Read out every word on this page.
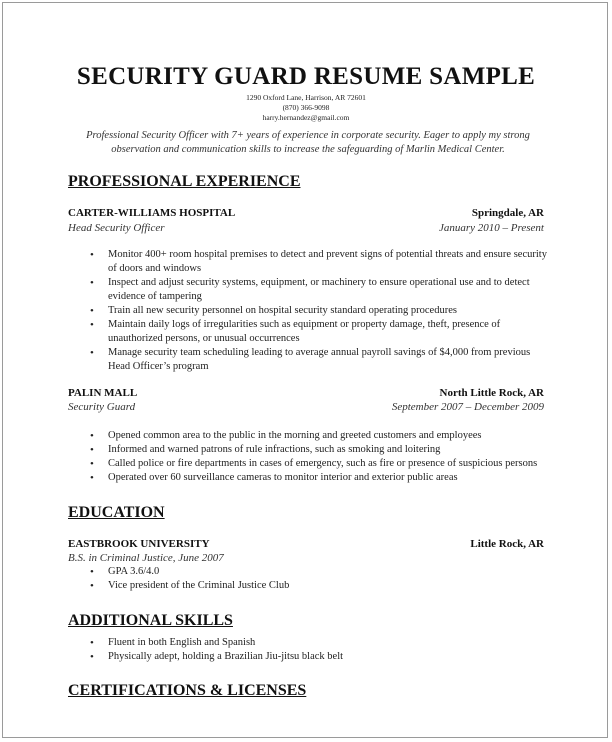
SECURITY GUARD RESUME SAMPLE
1290 Oxford Lane, Harrison, AR 72601
(870) 366-9098
harry.hernandez@gmail.com
Professional Security Officer with 7+ years of experience in corporate security. Eager to apply my strong observation and communication skills to increase the safeguarding of Marlin Medical Center.
PROFESSIONAL EXPERIENCE
CARTER-WILLIAMS HOSPITAL	Springdale, AR
Head Security Officer	January 2010 – Present
• Monitor 400+ room hospital premises to detect and prevent signs of potential threats and ensure security of doors and windows
• Inspect and adjust security systems, equipment, or machinery to ensure operational use and to detect evidence of tampering
• Train all new security personnel on hospital security standard operating procedures
• Maintain daily logs of irregularities such as equipment or property damage, theft, presence of unauthorized persons, or unusual occurrences
• Manage security team scheduling leading to average annual payroll savings of $4,000 from previous Head Officer’s program
PALIN MALL	North Little Rock, AR
Security Guard	September 2007 – December 2009
• Opened common area to the public in the morning and greeted customers and employees
• Informed and warned patrons of rule infractions, such as smoking and loitering
• Called police or fire departments in cases of emergency, such as fire or presence of suspicious persons
• Operated over 60 surveillance cameras to monitor interior and exterior public areas
EDUCATION
EASTBROOK UNIVERSITY	Little Rock, AR
B.S. in Criminal Justice, June 2007
• GPA 3.6/4.0
• Vice president of the Criminal Justice Club
ADDITIONAL SKILLS
• Fluent in both English and Spanish
• Physically adept, holding a Brazilian Jiu-jitsu black belt
CERTIFICATIONS & LICENSES
